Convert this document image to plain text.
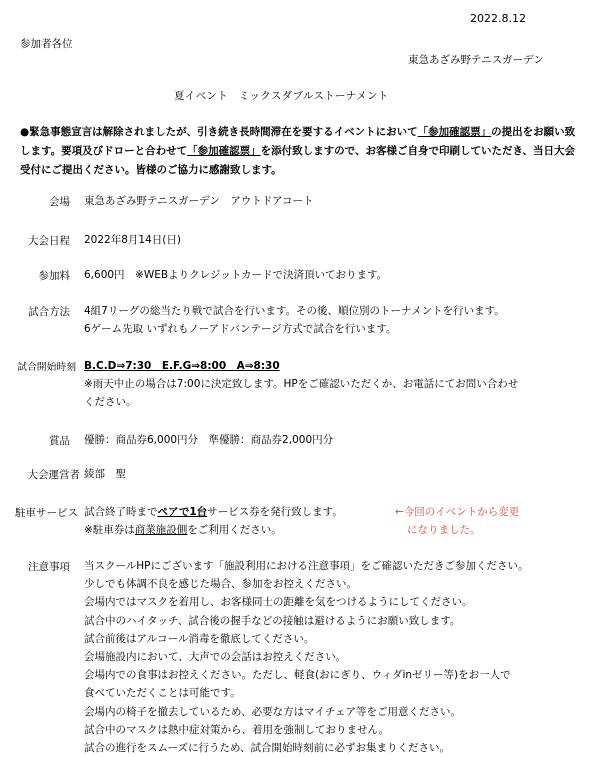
2022.8.12
参加者各位
東急あざみ野テニスガーデン
夏イベント　ミックスダブルストーナメント
●緊急事態宣言は解除されましたが、引き続き長時間滞在を要するイベントにおいて「参加確認票」の提出をお願い致します。要項及びドローと合わせて「参加確認票」を添付致しますので、お客様ご自身で印刷していただき、当日大会受付にご提出ください。皆様のご協力に感謝致します。
会場 東急あざみ野テニスガーデン　アウトドアコート
大会日程 2022年8月14日(日)
参加料 6,600円　※WEBよりクレジットカードで決済頂いております。
試合方法 4組7リーグの総当たり戦で試合を行います。その後、順位別のトーナメントを行います。
6ゲーム先取 いずれもノーアドバンテージ方式で試合を行います。
試合開始時刻 B.C.D⇒7:30　E.F.G⇒8:00　A⇒8:30
※雨天中止の場合は7:00に決定致します。HPをご確認いただくか、お電話にてお問い合わせ
ください。
賞品 優勝：商品券6,000円分　準優勝：商品券2,000円分
大会運営者 綾部　聖
駐車サービス 試合終了時までペアで1台サービス券を発行致します。
※駐車券は商業施設側をご利用ください。
←今回のイベントから変更
になりました。
注意事項 当スクールHPにございます「施設利用における注意事項」をご確認いただきご参加ください。
少しでも体調不良を感じた場合、参加をお控えください。
会場内ではマスクを着用し、お客様同士の距離を気をつけるようにしてください。
試合中のハイタッチ、試合後の握手などの接触は避けるようにお願い致します。
試合前後はアルコール消毒を徹底してください。
会場施設内において、大声での会話はお控えください。
会場内での食事はお控えください。ただし、軽食(おにぎり、ウィダinゼリー等)をお一人で
食べていただくことは可能です。
会場内の椅子を撤去しているため、必要な方はマイチェア等をご用意ください。
試合中のマスクは熱中症対策から、着用を強制しておりません。
試合の進行をスムーズに行うため、試合開始時刻前に必ずお集まりください。
